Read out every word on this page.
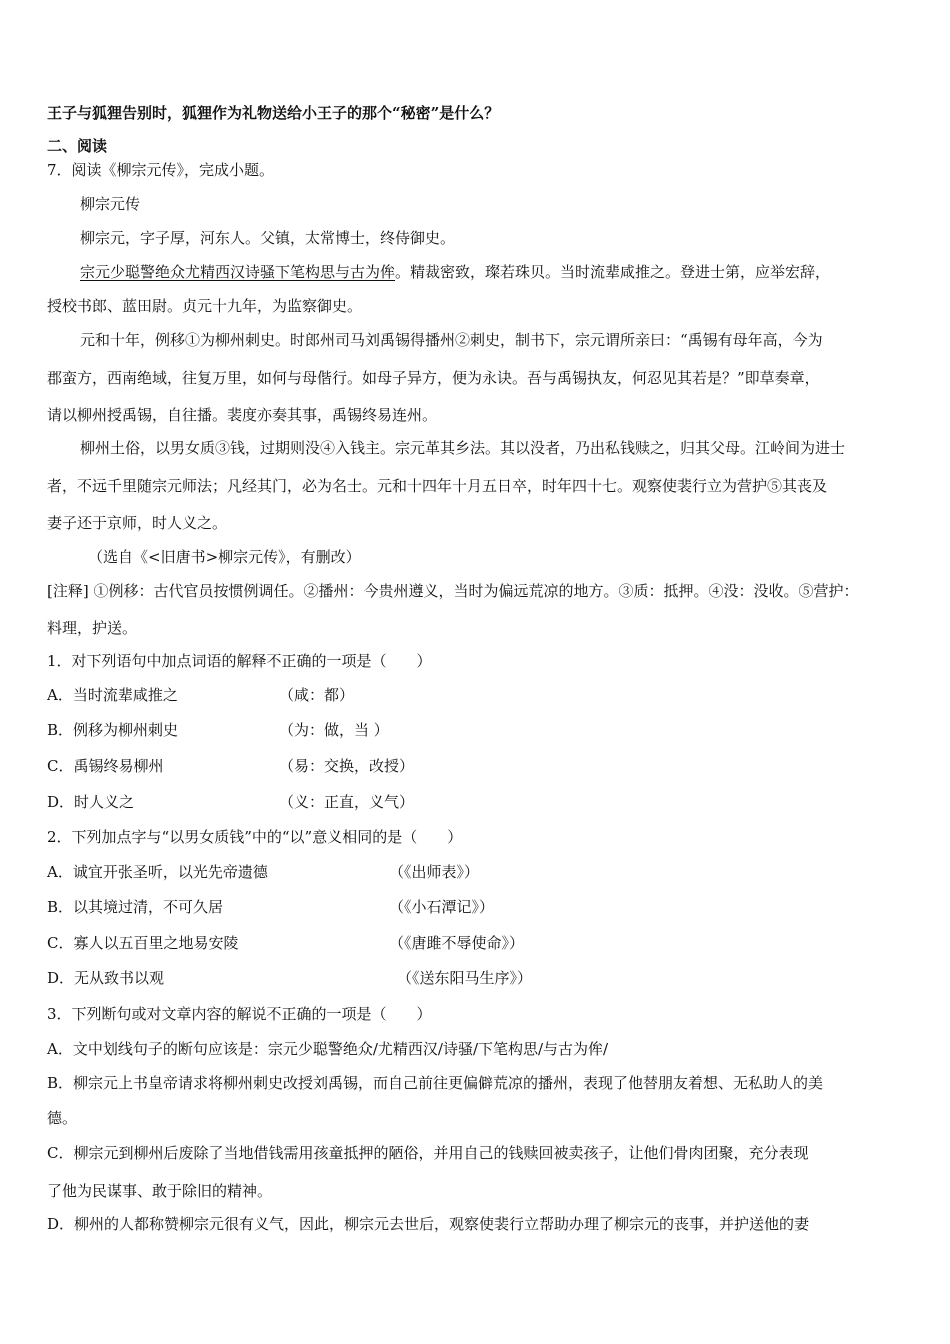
王子与狐狸告别时，狐狸作为礼物送给小王子的那个“秘密”是什么？
二、阅读
7．阅读《柳宗元传》，完成小题。
柳宗元传
柳宗元，字子厚，河东人。父镇，太常博士，终侍御史。
宗元少聪警绝众尤精西汉诗骚下笔构思与古为侔。精裁密致，璨若珠贝。当时流辈咸推之。登进士第，应举宏辞，
授校书郎、蓝田尉。贞元十九年，为监察御史。
元和十年，例移①为柳州刺史。时郎州司马刘禹锡得播州②刺史，制书下，宗元谓所亲曰：“禹锡有母年高，今为
郡蛮方，西南绝域，往复万里，如何与母偕行。如母子异方，便为永诀。吾与禹锡执友，何忍见其若是？”即草奏章，
请以柳州授禹锡，自往播。裴度亦奏其事，禹锡终易连州。
柳州土俗，以男女质③钱，过期则没④入钱主。宗元革其乡法。其以没者，乃出私钱赎之，归其父母。江岭间为进士
者，不远千里随宗元师法；凡经其门，必为名士。元和十四年十月五日卒，时年四十七。观察使裴行立为营护⑤其丧及
妻子还于京师，时人义之。
（选自《<旧唐书>柳宗元传》，有删改）
[注释] ①例移：古代官员按惯例调任。②播州：今贵州遵义，当时为偏远荒凉的地方。③质：抵押。④没：没收。⑤营护：
料理，护送。
1．对下列语句中加点词语的解释不正确的一项是（　　）
A．当时流辈咸推之	（咸：都）
B．例移为柳州刺史	（为：做，当 ）
C．禹锡终易柳州	（易：交换，改授）
D．时人义之	（义：正直，义气）
2．下列加点字与“以男女质钱”中的“以”意义相同的是（　　）
A．诚宜开张圣听，以光先帝遗德	（《出师表》）
B．以其境过清，不可久居	（《小石潭记》）
C．寡人以五百里之地易安陵	（《唐雎不辱使命》）
D．无从致书以观	（《送东阳马生序》）
3．下列断句或对文章内容的解说不正确的一项是（　　）
A．文中划线句子的断句应该是：宗元少聪警绝众/尤精西汉/诗骚/下笔构思/与古为侔/
B．柳宗元上书皇帝请求将柳州刺史改授刘禹锡，而自己前往更偏僻荒凉的播州，表现了他替朋友着想、无私助人的美
德。
C．柳宗元到柳州后废除了当地借钱需用孩童抵押的陋俗，并用自己的钱赎回被卖孩子，让他们骨肉团聚，充分表现
了他为民谋事、敢于除旧的精神。
D．柳州的人都称赞柳宗元很有义气，因此，柳宗元去世后，观察使裴行立帮助办理了柳宗元的丧事，并护送他的妻
